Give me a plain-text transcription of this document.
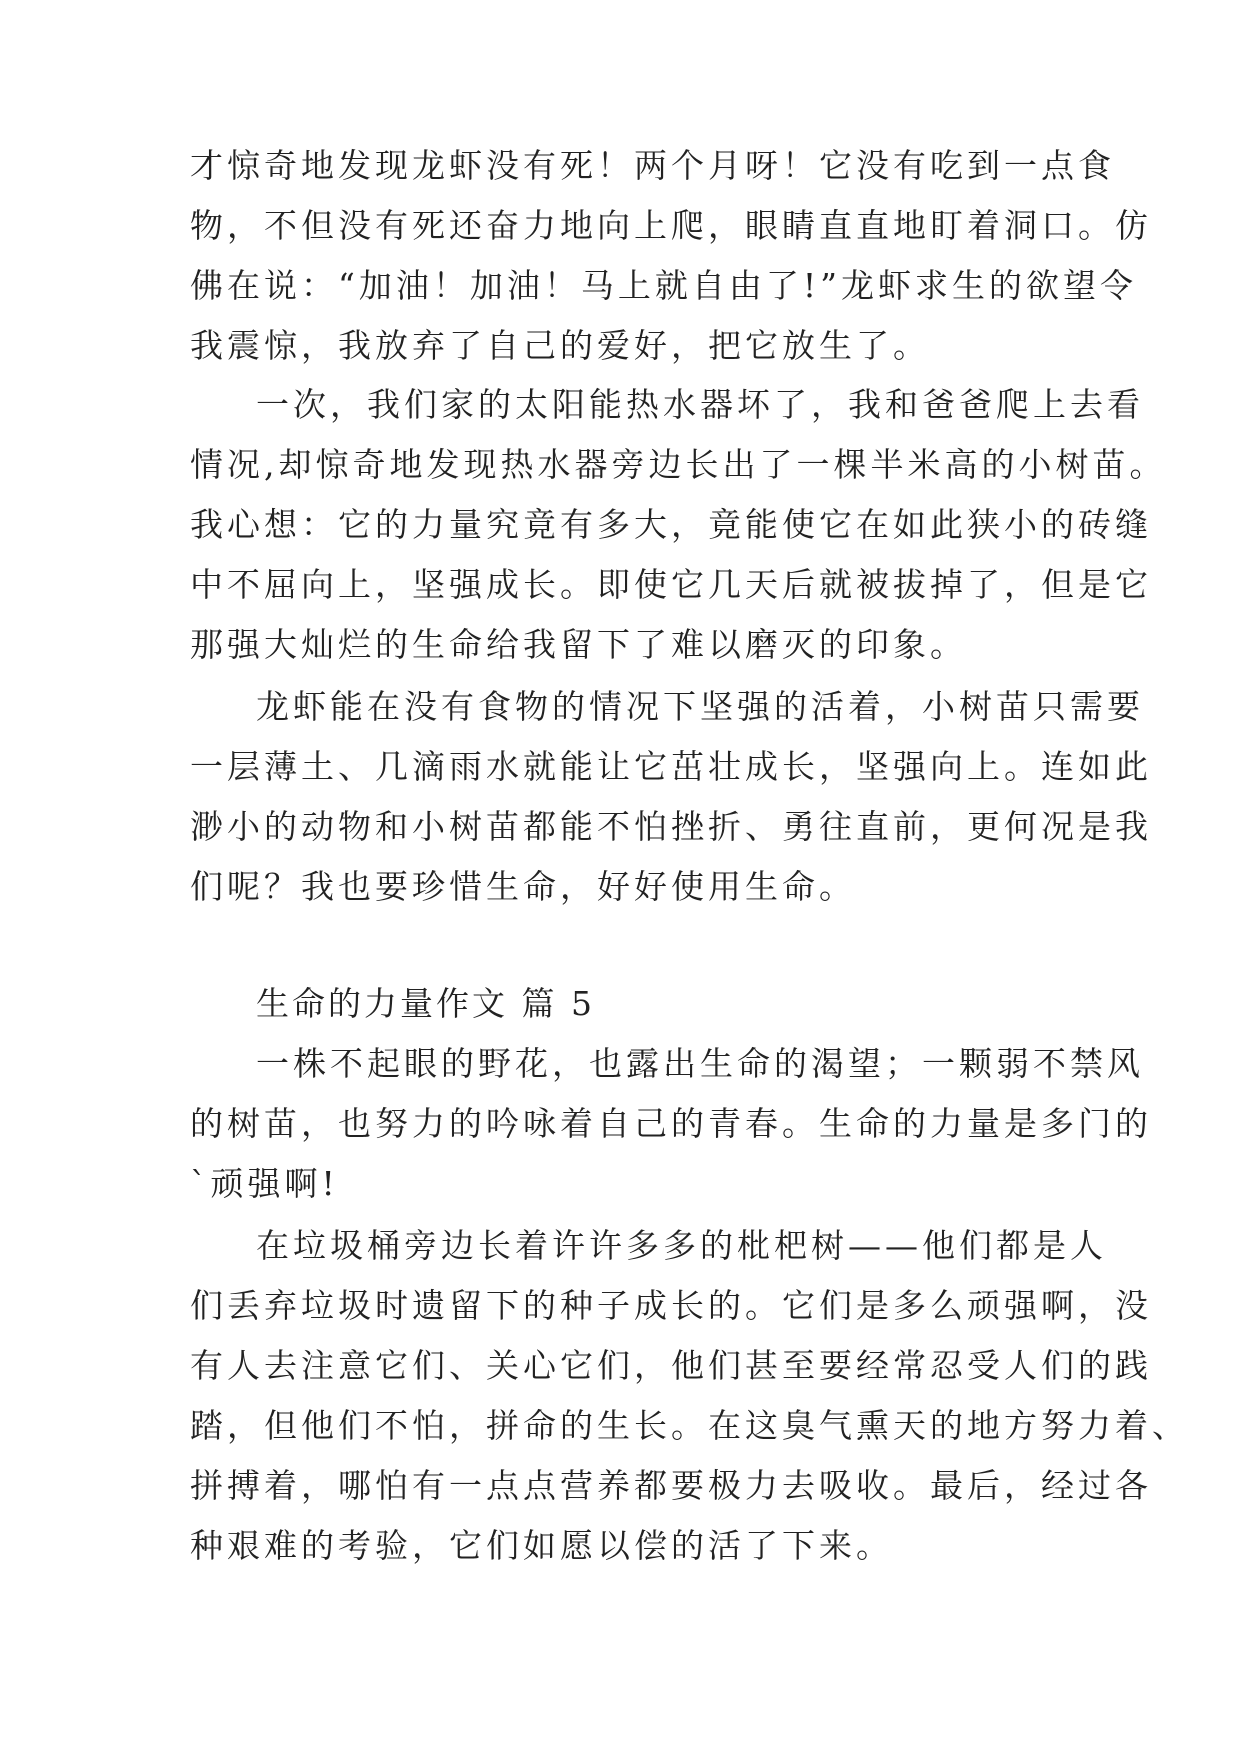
才惊奇地发现龙虾没有死！两个月呀！它没有吃到一点食
物，不但没有死还奋力地向上爬，眼睛直直地盯着洞口。仿
佛在说：“加油！加油！马上就自由了!”龙虾求生的欲望令
我震惊，我放弃了自己的爱好，把它放生了。
一次，我们家的太阳能热水器坏了，我和爸爸爬上去看
情况,却惊奇地发现热水器旁边长出了一棵半米高的小树苗。
我心想：它的力量究竟有多大，竟能使它在如此狭小的砖缝
中不屈向上，坚强成长。即使它几天后就被拔掉了，但是它
那强大灿烂的生命给我留下了难以磨灭的印象。
龙虾能在没有食物的情况下坚强的活着，小树苗只需要
一层薄土、几滴雨水就能让它茁壮成长，坚强向上。连如此
渺小的动物和小树苗都能不怕挫折、勇往直前，更何况是我
们呢？我也要珍惜生命，好好使用生命。
生命的力量作文 篇 5
一株不起眼的野花，也露出生命的渴望；一颗弱不禁风
的树苗，也努力的吟咏着自己的青春。生命的力量是多门的
`顽强啊!
在垃圾桶旁边长着许许多多的枇杷树——他们都是人
们丢弃垃圾时遗留下的种子成长的。它们是多么顽强啊，没
有人去注意它们、关心它们，他们甚至要经常忍受人们的践
踏，但他们不怕，拼命的生长。在这臭气熏天的地方努力着、
拼搏着，哪怕有一点点营养都要极力去吸收。最后，经过各
种艰难的考验，它们如愿以偿的活了下来。
